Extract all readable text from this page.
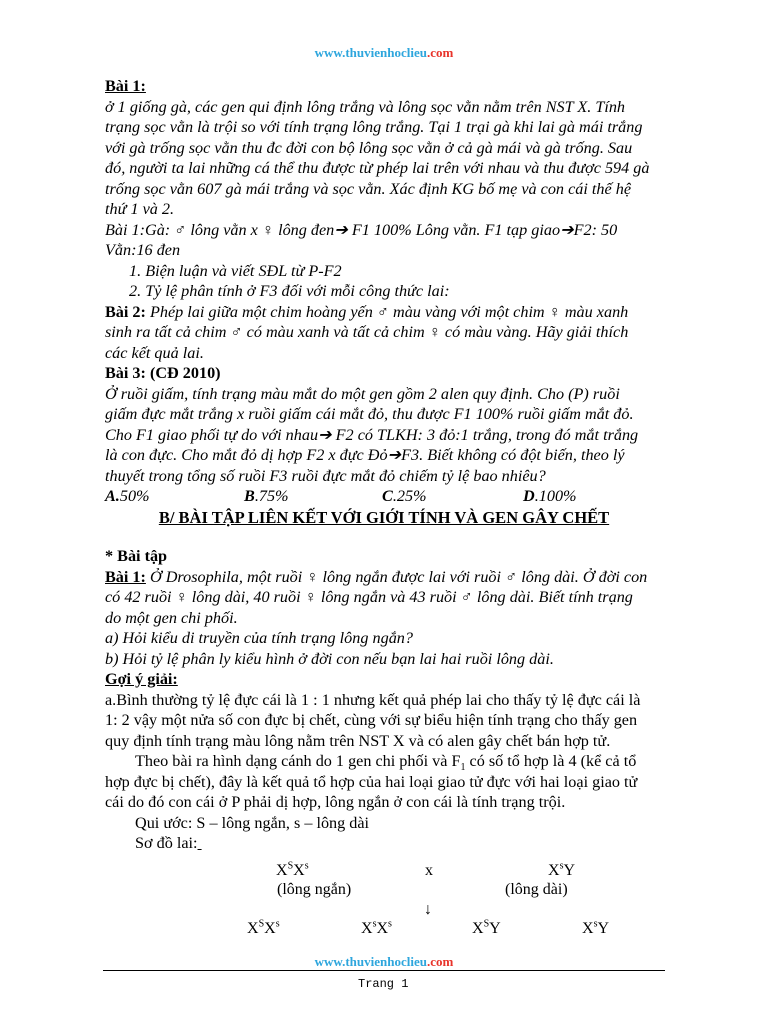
www.thuvienhoclieu.com
Bài 1:
ở 1 giống gà, các gen qui định lông trắng và lông sọc vằn nằm trên NST X. Tính
trạng sọc vằn là trội so với tính trạng lông trắng. Tại 1 trại gà khi lai gà mái trắng
với gà trống sọc vằn thu đc đời con bộ lông sọc vằn ở cả gà mái và gà trống. Sau
đó, người ta lai những cá thể thu được từ phép lai trên với nhau và thu được 594 gà
trống sọc vằn 607 gà mái trắng và sọc vằn. Xác định KG bố mẹ và con cái thế hệ
thứ 1 và 2.
Bài 1:Gà: ♂ lông vằn x ♀ lông đen➔ F1 100% Lông vằn. F1 tạp giao➔F2: 50
Vằn:16 đen
1. Biện luận và viết SĐL từ P-F2
2. Tỷ lệ phân tính ở F3 đối với mỗi công thức lai:
Bài 2: Phép lai giữa một chim hoàng yến ♂ màu vàng với một chim ♀ màu xanh
sinh ra tất cả chim ♂ có màu xanh và tất cả chim ♀ có màu vàng. Hãy giải thích
các kết quả lai.
Bài 3: (CĐ 2010)
Ở ruồi giấm, tính trạng màu mắt do một gen gồm 2 alen quy định. Cho (P) ruồi
giấm đực mắt trắng x ruồi giấm cái mắt đỏ, thu được F1 100% ruồi giấm mắt đỏ.
Cho F1 giao phối tự do với nhau➔ F2 có TLKH: 3 đỏ:1 trắng, trong đó mắt trắng
là con đực. Cho mắt đỏ dị hợp F2 x đực Đỏ➔F3. Biết không có đột biến, theo lý
thuyết trong tổng số ruồi F3 ruồi đực mắt đỏ chiếm tỷ lệ bao nhiêu?
A.50%	B.75%	C.25%	D.100%
B/ BÀI TẬP LIÊN KẾT VỚI GIỚI TÍNH VÀ GEN GÂY CHẾT
* Bài tập
Bài 1: Ở Drosophila, một ruồi ♀ lông ngắn được lai với ruồi ♂ lông dài. Ở đời con
có 42 ruồi ♀ lông dài, 40 ruồi ♀ lông ngắn và 43 ruồi ♂ lông dài. Biết tính trạng
do một gen chi phối.
a) Hỏi kiểu di truyền của tính trạng lông ngắn?
b) Hỏi tỷ lệ phân ly kiểu hình ở đời con nếu bạn lai hai ruồi lông dài.
Gợi ý giải:
a.Bình thường tỷ lệ đực cái là 1 : 1 nhưng kết quả phép lai cho thấy tỷ lệ đực cái là
1: 2 vậy một nửa số con đực bị chết, cùng với sự biểu hiện tính trạng cho thấy gen
quy định tính trạng màu lông nằm trên NST X và có alen gây chết bán hợp tử.
Theo bài ra hình dạng cánh do 1 gen chi phối và $F_1$ có số tổ hợp là 4 (kể cả tổ
hợp đực bị chết), đây là kết quả tổ hợp của hai loại giao tử đực với hai loại giao tử
cái do đó con cái ở P phải dị hợp, lông ngắn ở con cái là tính trạng trội.
Qui ước: S – lông ngắn, s – lông dài
Sơ đồ lai:
$X^SX^s$	x	$X^sY$
(lông ngắn)	(lông dài)
↓
$X^SX^s$	$X^sX^s$	$X^SY$	$X^sY$
www.thuvienhoclieu.com
Trang 1
